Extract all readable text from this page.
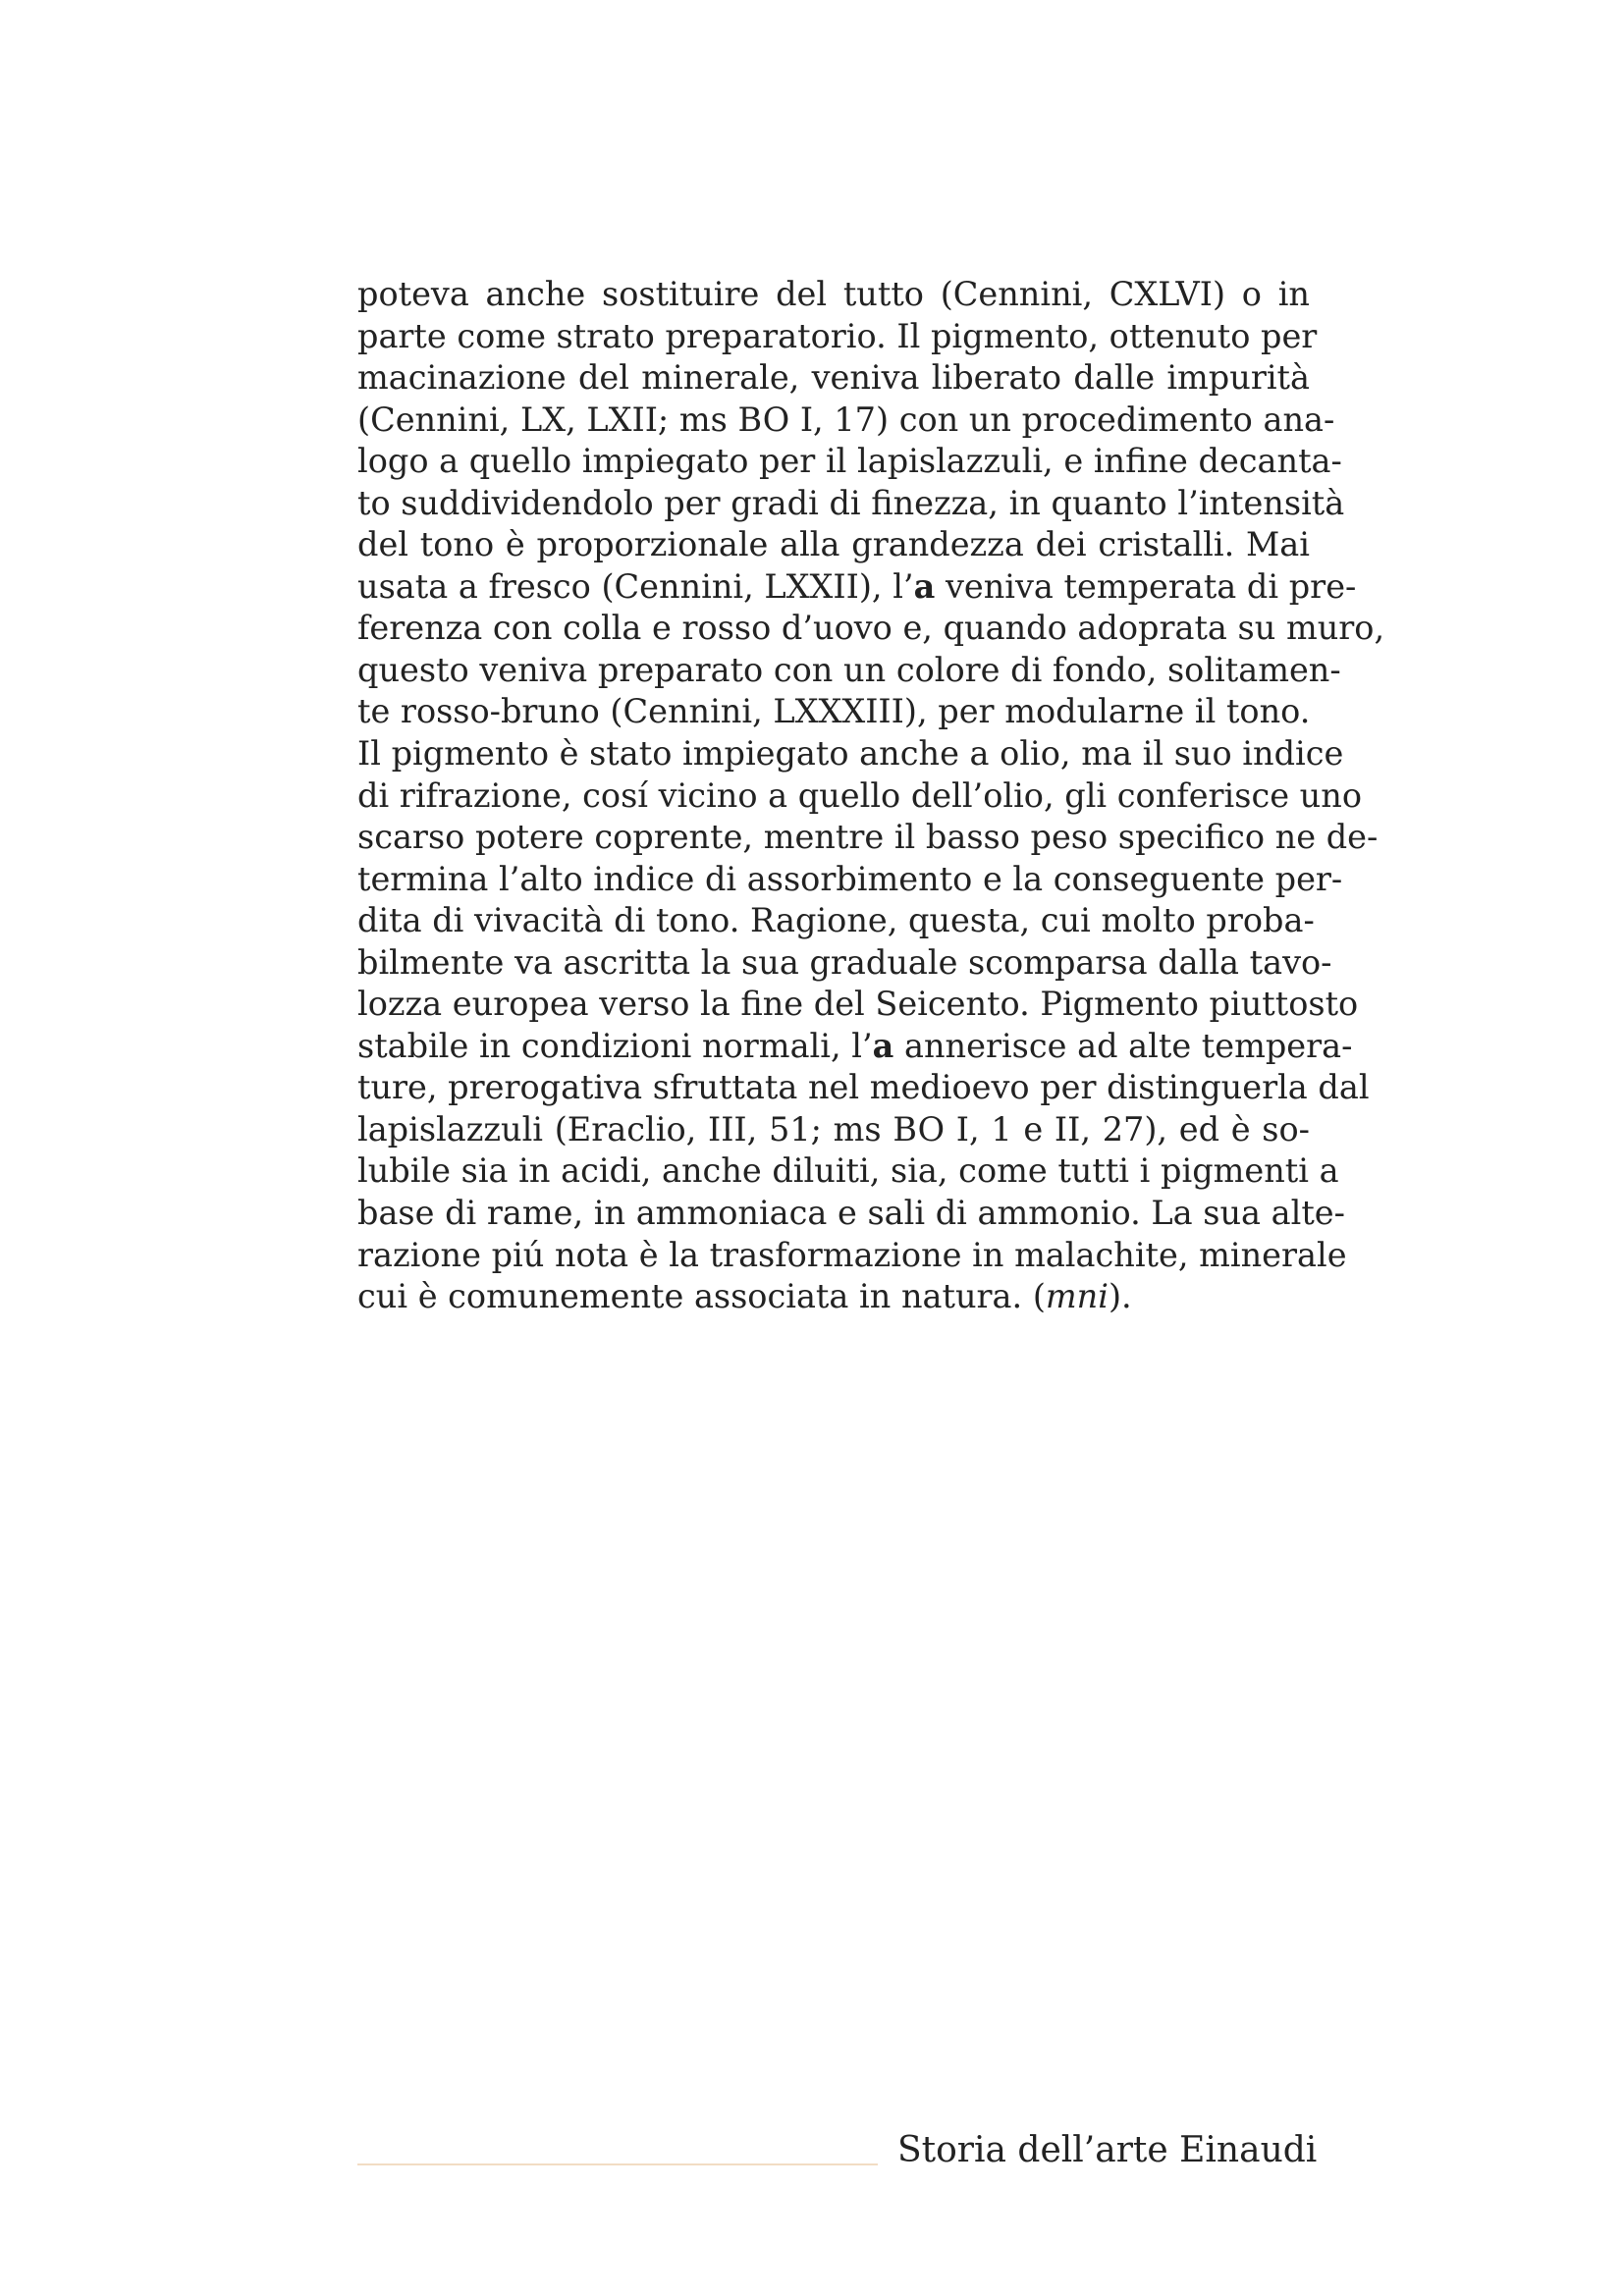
poteva anche sostituire del tutto (Cennini, CXLVI) o in
parte come strato preparatorio. Il pigmento, ottenuto per
macinazione del minerale, veniva liberato dalle impurità
(Cennini, LX, LXII; ms BO I, 17) con un procedimento ana-
logo a quello impiegato per il lapislazzuli, e infine decanta-
to suddividendolo per gradi di finezza, in quanto l’intensità
del tono è proporzionale alla grandezza dei cristalli. Mai
usata a fresco (Cennini, LXXII), l’a veniva temperata di pre-
ferenza con colla e rosso d’uovo e, quando adoprata su muro,
questo veniva preparato con un colore di fondo, solitamen-
te rosso-bruno (Cennini, LXXXIII), per modularne il tono.
Il pigmento è stato impiegato anche a olio, ma il suo indice
di rifrazione, cosí vicino a quello dell’olio, gli conferisce uno
scarso potere coprente, mentre il basso peso specifico ne de-
termina l’alto indice di assorbimento e la conseguente per-
dita di vivacità di tono. Ragione, questa, cui molto proba-
bilmente va ascritta la sua graduale scomparsa dalla tavo-
lozza europea verso la fine del Seicento. Pigmento piuttosto
stabile in condizioni normali, l’a annerisce ad alte tempera-
ture, prerogativa sfruttata nel medioevo per distinguerla dal
lapislazzuli (Eraclio, III, 51; ms BO I, 1 e II, 27), ed è so-
lubile sia in acidi, anche diluiti, sia, come tutti i pigmenti a
base di rame, in ammoniaca e sali di ammonio. La sua alte-
razione piú nota è la trasformazione in malachite, minerale
cui è comunemente associata in natura. (mni).
Storia dell’arte Einaudi
